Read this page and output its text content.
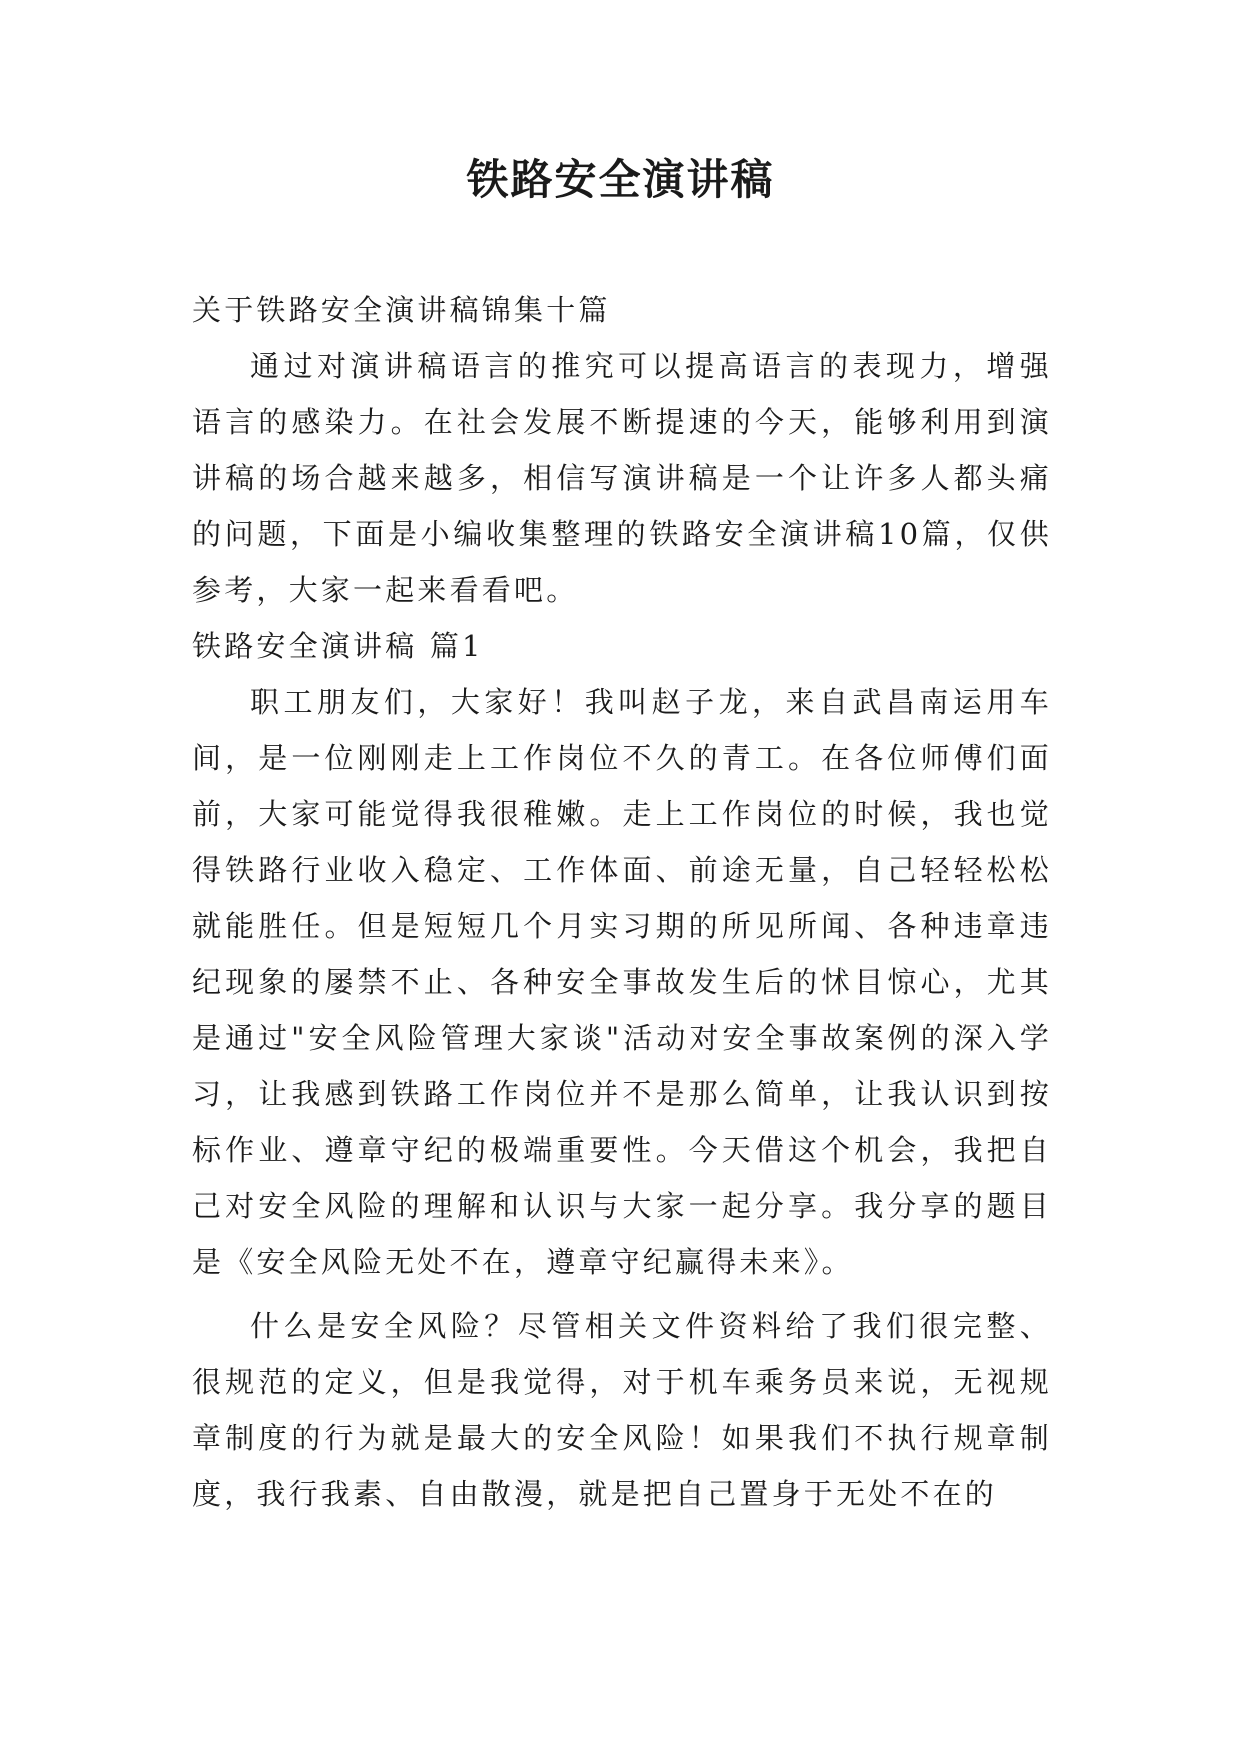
铁路安全演讲稿

关于铁路安全演讲稿锦集十篇

通过对演讲稿语言的推究可以提高语言的表现力，增强语言的感染力。在社会发展不断提速的今天，能够利用到演讲稿的场合越来越多，相信写演讲稿是一个让许多人都头痛的问题，下面是小编收集整理的铁路安全演讲稿10篇，仅供参考，大家一起来看看吧。

铁路安全演讲稿 篇1

职工朋友们，大家好！我叫赵子龙，来自武昌南运用车间，是一位刚刚走上工作岗位不久的青工。在各位师傅们面前，大家可能觉得我很稚嫩。走上工作岗位的时候，我也觉得铁路行业收入稳定、工作体面、前途无量，自己轻轻松松就能胜任。但是短短几个月实习期的所见所闻、各种违章违纪现象的屡禁不止、各种安全事故发生后的怵目惊心，尤其是通过"安全风险管理大家谈"活动对安全事故案例的深入学习，让我感到铁路工作岗位并不是那么简单，让我认识到按标作业、遵章守纪的极端重要性。今天借这个机会，我把自己对安全风险的理解和认识与大家一起分享。我分享的题目是《安全风险无处不在，遵章守纪赢得未来》。

什么是安全风险？尽管相关文件资料给了我们很完整、很规范的定义，但是我觉得，对于机车乘务员来说，无视规章制度的行为就是最大的安全风险！如果我们不执行规章制度，我行我素、自由散漫，就是把自己置身于无处不在的
